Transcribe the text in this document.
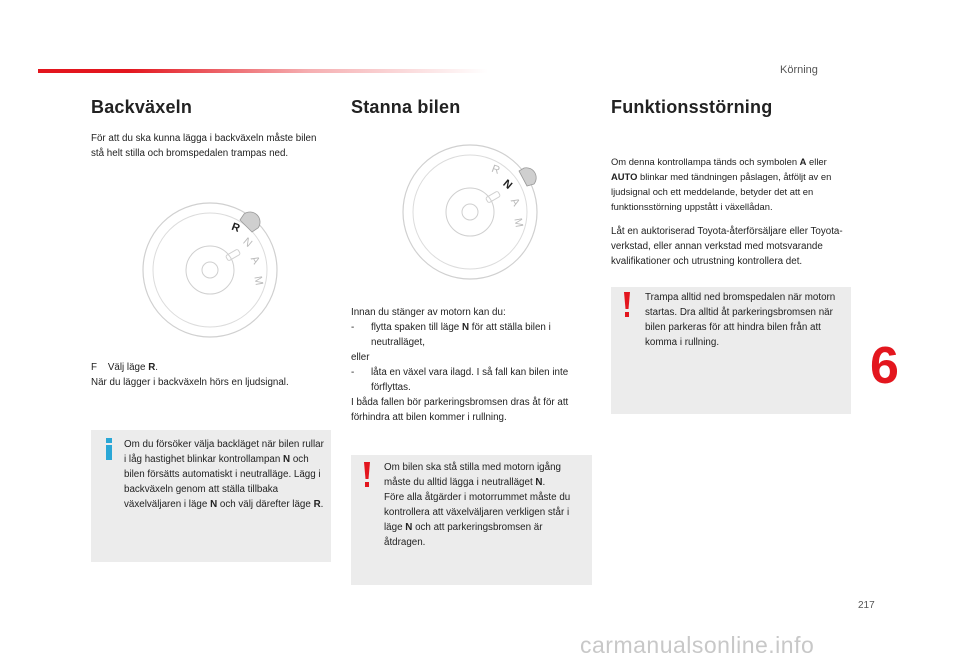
Körning
Backväxeln
För att du ska kunna lägga i backväxeln måste bilen stå helt stilla och bromspedalen trampas ned.
R
N
A
M
F Välj läge R.
När du lägger i backväxeln hörs en ljudsignal.
Om du försöker välja backläget när bilen rullar i låg hastighet blinkar kontrollampan N och bilen försätts automatiskt i neutralläge. Lägg i backväxeln genom att ställa tillbaka växelväljaren i läge N och välj därefter läge R.
Stanna bilen
R
N
A
M
Innan du stänger av motorn kan du:
-	flytta spaken till läge N för att ställa bilen i neutralläget,
eller
-	låta en växel vara ilagd. I så fall kan bilen inte förflyttas.
I båda fallen bör parkeringsbromsen dras åt för att förhindra att bilen kommer i rullning.
Om bilen ska stå stilla med motorn igång måste du alltid lägga i neutralläget N.
Före alla åtgärder i motorrummet måste du kontrollera att växelväljaren verkligen står i läge N och att parkeringsbromsen är åtdragen.
Funktionsstörning
Om denna kontrollampa tänds och symbolen A eller AUTO blinkar med tändningen påslagen, åtföljt av en ljudsignal och ett meddelande, betyder det att en funktionsstörning uppstått i växellådan.
Låt en auktoriserad Toyota-återförsäljare eller Toyota-verkstad, eller annan verkstad med motsvarande kvalifikationer och utrustning kontrollera det.
Trampa alltid ned bromspedalen när motorn startas. Dra alltid åt parkeringsbromsen när bilen parkeras för att hindra bilen från att komma i rullning.	6
217
carmanualsonline.info
